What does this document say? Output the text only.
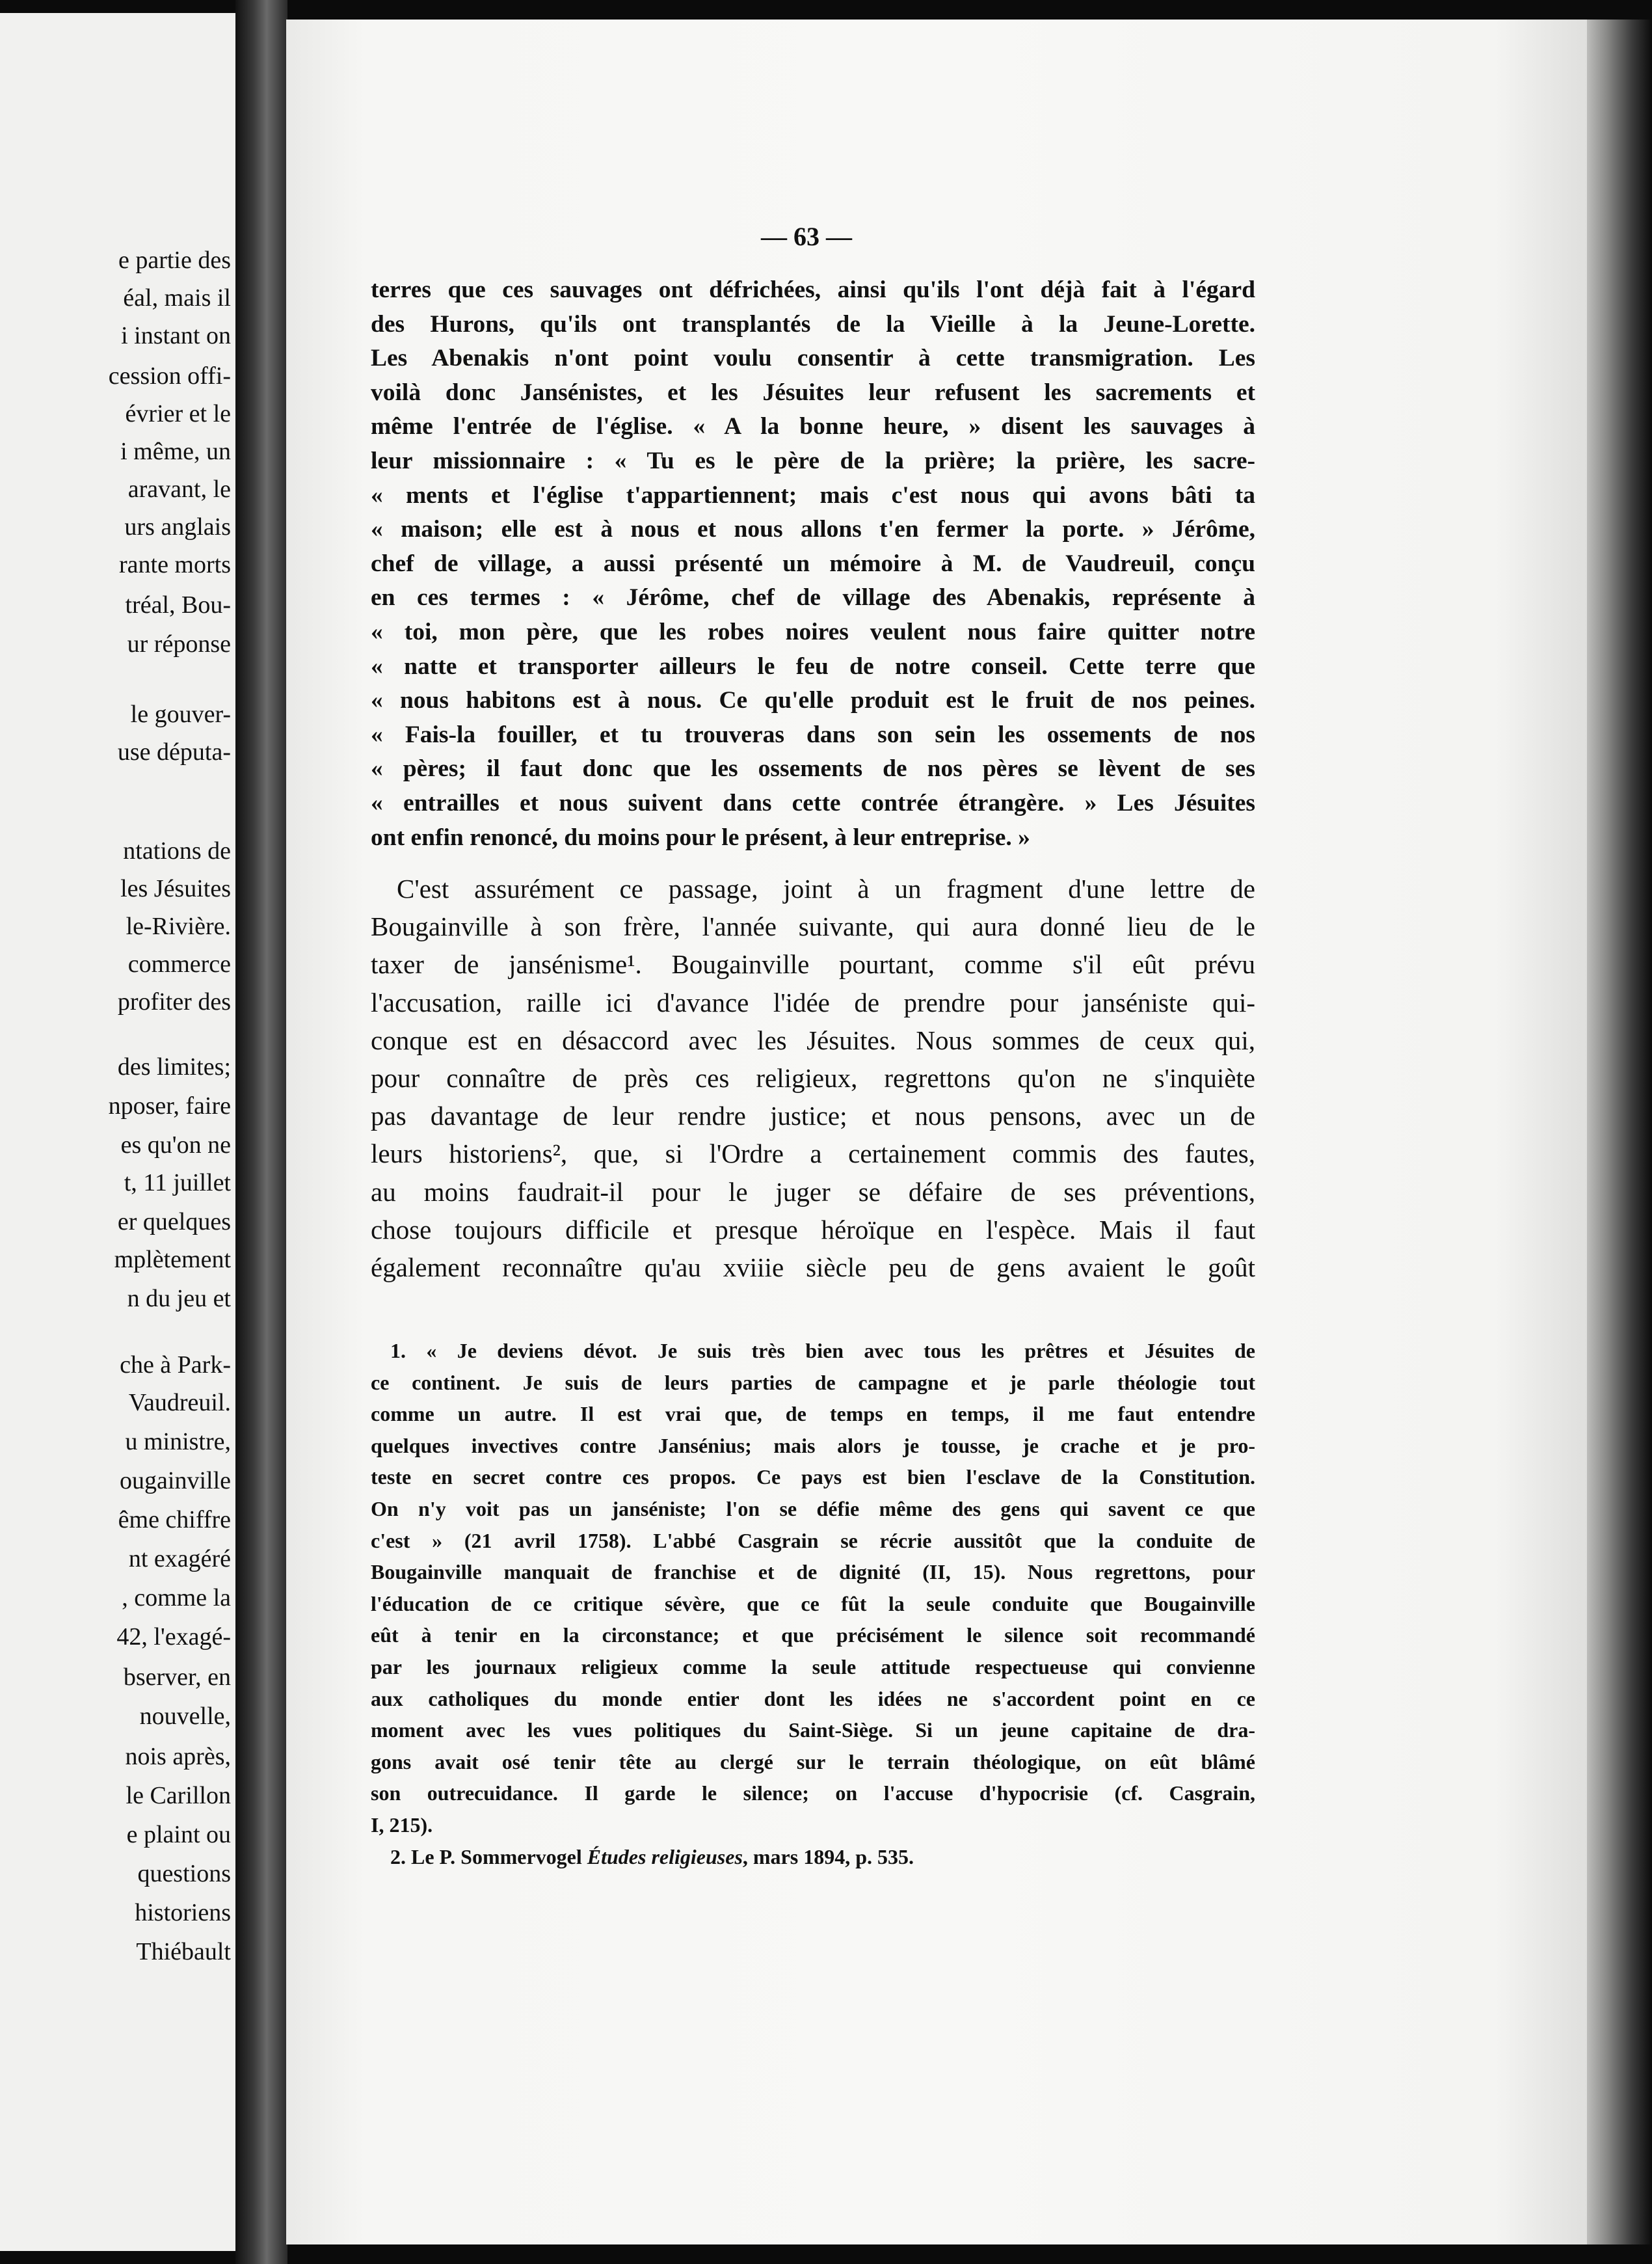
e partie des
éal, mais il
i instant on
cession offi-
évrier et le
i même, un
aravant, le
urs anglais
rante morts
tréal, Bou-
ur réponse
le gouver-
use députa-
ntations de
les Jésuites
le-Rivière.
commerce
profiter des
des limites;
nposer, faire
es qu'on ne
t, 11 juillet
er quelques
mplètement
n du jeu et
che à Park-
Vaudreuil.
u ministre,
ougainville
ême chiffre
nt exagéré
, comme la
42, l'exagé-
bserver, en
nouvelle,
nois après,
le Carillon
e plaint ou
questions
historiens
Thiébault
— 63 —
terres que ces sauvages ont défrichées, ainsi qu'ils l'ont déjà fait à l'égard
des Hurons, qu'ils ont transplantés de la Vieille à la Jeune-Lorette.
Les Abenakis n'ont point voulu consentir à cette transmigration. Les
voilà donc Jansénistes, et les Jésuites leur refusent les sacrements et
même l'entrée de l'église. « A la bonne heure, » disent les sauvages à
leur missionnaire : « Tu es le père de la prière; la prière, les sacre-
« ments et l'église t'appartiennent; mais c'est nous qui avons bâti ta
« maison; elle est à nous et nous allons t'en fermer la porte. » Jérôme,
chef de village, a aussi présenté un mémoire à M. de Vaudreuil, conçu
en ces termes : « Jérôme, chef de village des Abenakis, représente à
« toi, mon père, que les robes noires veulent nous faire quitter notre
« natte et transporter ailleurs le feu de notre conseil. Cette terre que
« nous habitons est à nous. Ce qu'elle produit est le fruit de nos peines.
« Fais-la fouiller, et tu trouveras dans son sein les ossements de nos
« pères; il faut donc que les ossements de nos pères se lèvent de ses
« entrailles et nous suivent dans cette contrée étrangère. » Les Jésuites
ont enfin renoncé, du moins pour le présent, à leur entreprise. »
C'est assurément ce passage, joint à un fragment d'une lettre de
Bougainville à son frère, l'année suivante, qui aura donné lieu de le
taxer de jansénisme¹. Bougainville pourtant, comme s'il eût prévu
l'accusation, raille ici d'avance l'idée de prendre pour janséniste qui-
conque est en désaccord avec les Jésuites. Nous sommes de ceux qui,
pour connaître de près ces religieux, regrettons qu'on ne s'inquiète
pas davantage de leur rendre justice; et nous pensons, avec un de
leurs historiens², que, si l'Ordre a certainement commis des fautes,
au moins faudrait-il pour le juger se défaire de ses préventions,
chose toujours difficile et presque héroïque en l'espèce. Mais il faut
également reconnaître qu'au xviiie siècle peu de gens avaient le goût
1. « Je deviens dévot. Je suis très bien avec tous les prêtres et Jésuites de
ce continent. Je suis de leurs parties de campagne et je parle théologie tout
comme un autre. Il est vrai que, de temps en temps, il me faut entendre
quelques invectives contre Jansénius; mais alors je tousse, je crache et je pro-
teste en secret contre ces propos. Ce pays est bien l'esclave de la Constitution.
On n'y voit pas un janséniste; l'on se défie même des gens qui savent ce que
c'est » (21 avril 1758). L'abbé Casgrain se récrie aussitôt que la conduite de
Bougainville manquait de franchise et de dignité (II, 15). Nous regrettons, pour
l'éducation de ce critique sévère, que ce fût la seule conduite que Bougainville
eût à tenir en la circonstance; et que précisément le silence soit recommandé
par les journaux religieux comme la seule attitude respectueuse qui convienne
aux catholiques du monde entier dont les idées ne s'accordent point en ce
moment avec les vues politiques du Saint-Siège. Si un jeune capitaine de dra-
gons avait osé tenir tête au clergé sur le terrain théologique, on eût blâmé
son outrecuidance. Il garde le silence; on l'accuse d'hypocrisie (cf. Casgrain,
I, 215).
2. Le P. Sommervogel Études religieuses, mars 1894, p. 535.
